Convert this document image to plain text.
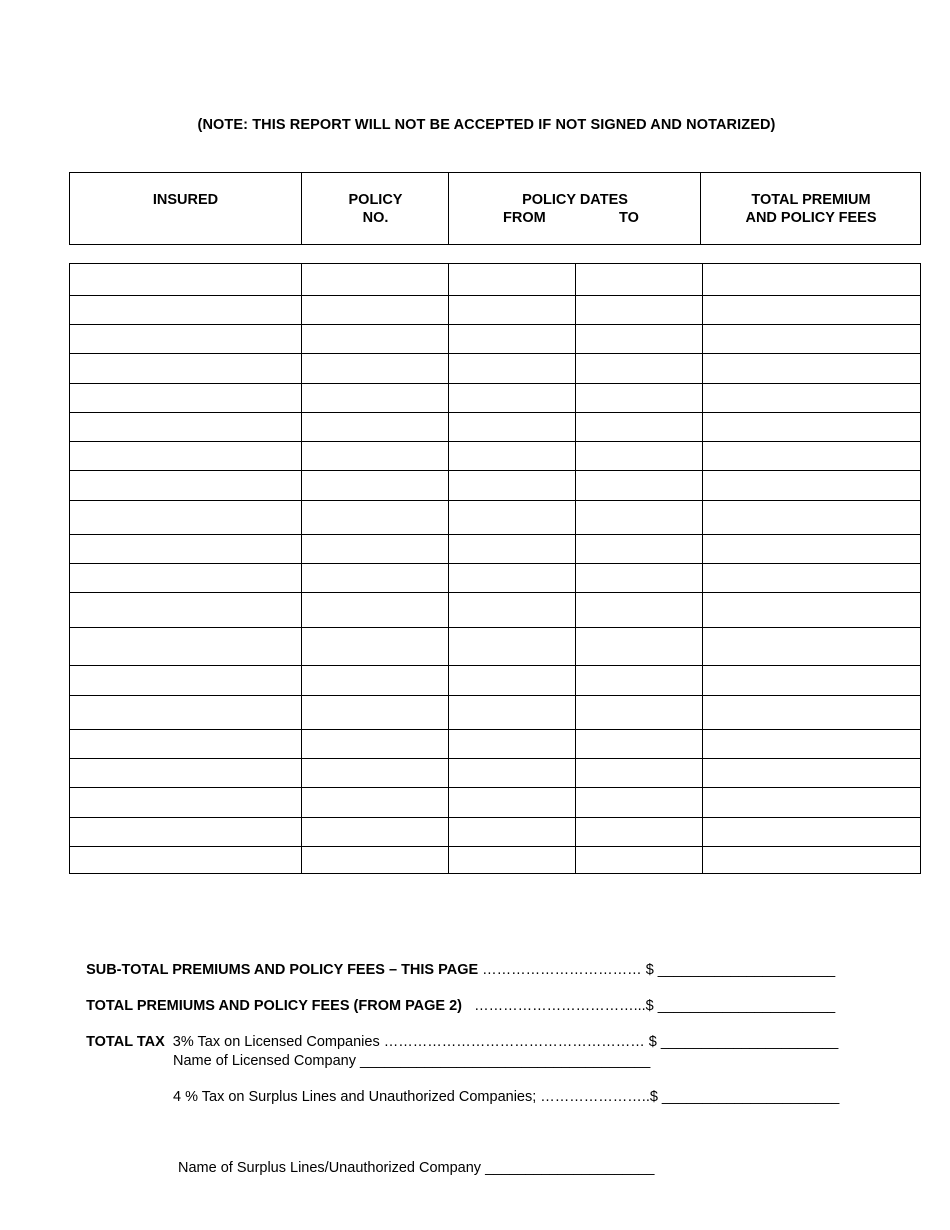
(NOTE: THIS REPORT WILL NOT BE ACCEPTED IF NOT SIGNED AND NOTARIZED)
INSURED	POLICY
NO.
POLICY DATES
FROM	TO
TOTAL PREMIUM
AND POLICY FEES

SUB-TOTAL PREMIUMS AND POLICY FEES – THIS PAGE …………………………… $ ______________________

TOTAL PREMIUMS AND POLICY FEES (FROM PAGE 2)   ……………………………...$ ______________________

TOTAL TAX  3% Tax on Licensed Companies ……………………………………………… $ ______________________

Name of Licensed Company ____________________________________
4 % Tax on Surplus Lines and Unauthorized Companies; …………………..$ ______________________
Name of Surplus Lines/Unauthorized Company _____________________
